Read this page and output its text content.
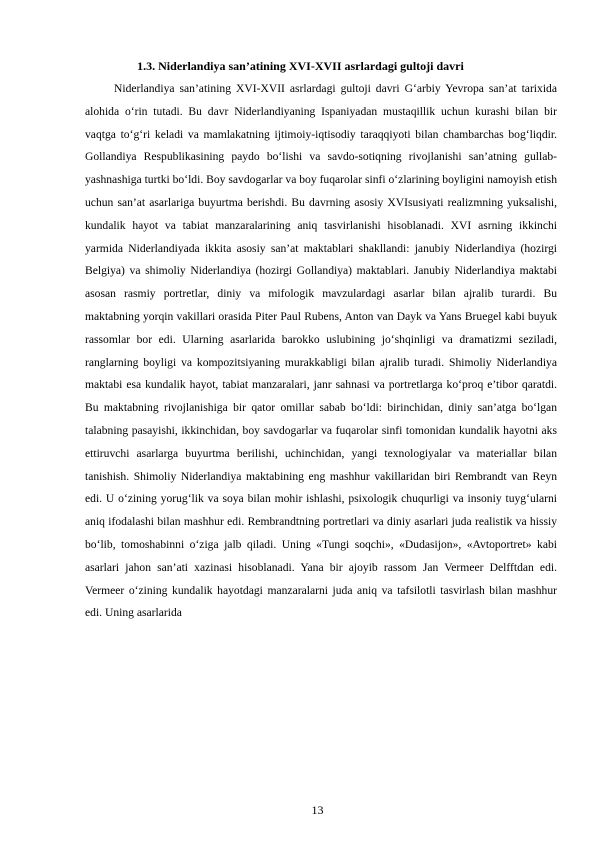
1.3. Niderlandiya san’atining XVI-XVII asrlardagi gultoji davri

Niderlandiya san’atining XVI-XVII asrlardagi gultoji davri G‘arbiy Yevropa san’at tarixida alohida o‘rin tutadi. Bu davr Niderlandiyaning Ispaniyadan mustaqillik uchun kurashi bilan bir vaqtga to‘g‘ri keladi va mamlakatning ijtimoiy-iqtisodiy taraqqiyoti bilan chambarchas bog‘liqdir. Gollandiya Respublikasining paydo bo‘lishi va savdo-sotiqning rivojlanishi san’atning gullab-yashnashiga turtki bo‘ldi. Boy savdogarlar va boy fuqarolar sinfi o‘zlarining boyligini namoyish etish uchun san’at asarlariga buyurtma berishdi. Bu davrning asosiy XVIsusiyati realizmning yuksalishi, kundalik hayot va tabiat manzaralarining aniq tasvirlanishi hisoblanadi. XVI asrning ikkinchi yarmida Niderlandiyada ikkita asosiy san’at maktablari shakllandi: janubiy Niderlandiya (hozirgi Belgiya) va shimoliy Niderlandiya (hozirgi Gollandiya) maktablari. Janubiy Niderlandiya maktabi asosan rasmiy portretlar, diniy va mifologik mavzulardagi asarlar bilan ajralib turardi. Bu maktabning yorqin vakillari orasida Piter Paul Rubens, Anton van Dayk va Yans Bruegel kabi buyuk rassomlar bor edi. Ularning asarlarida barokko uslubining jo‘shqinligi va dramatizmi seziladi, ranglarning boyligi va kompozitsiyaning murakkabligi bilan ajralib turadi. Shimoliy Niderlandiya maktabi esa kundalik hayot, tabiat manzaralari, janr sahnasi va portretlarga ko‘proq e’tibor qaratdi. Bu maktabning rivojlanishiga bir qator omillar sabab bo‘ldi: birinchidan, diniy san’atga bo‘lgan talabning pasayishi, ikkinchidan, boy savdogarlar va fuqarolar sinfi tomonidan kundalik hayotni aks ettiruvchi asarlarga buyurtma berilishi, uchinchidan, yangi texnologiyalar va materiallar bilan tanishish. Shimoliy Niderlandiya maktabining eng mashhur vakillaridan biri Rembrandt van Reyn edi. U o‘zining yorug‘lik va soya bilan mohir ishlashi, psixologik chuqurligi va insoniy tuyg‘ularni aniq ifodalashi bilan mashhur edi. Rembrandtning portretlari va diniy asarlari juda realistik va hissiy bo‘lib, tomoshabinni o‘ziga jalb qiladi. Uning «Tungi soqchi», «Dudasijon», «Avtoportret» kabi asarlari jahon san’ati xazinasi hisoblanadi. Yana bir ajoyib rassom Jan Vermeer Delfftdan edi. Vermeer o‘zining kundalik hayotdagi manzaralarni juda aniq va tafsilotli tasvirlash bilan mashhur edi. Uning asarlarida

13
